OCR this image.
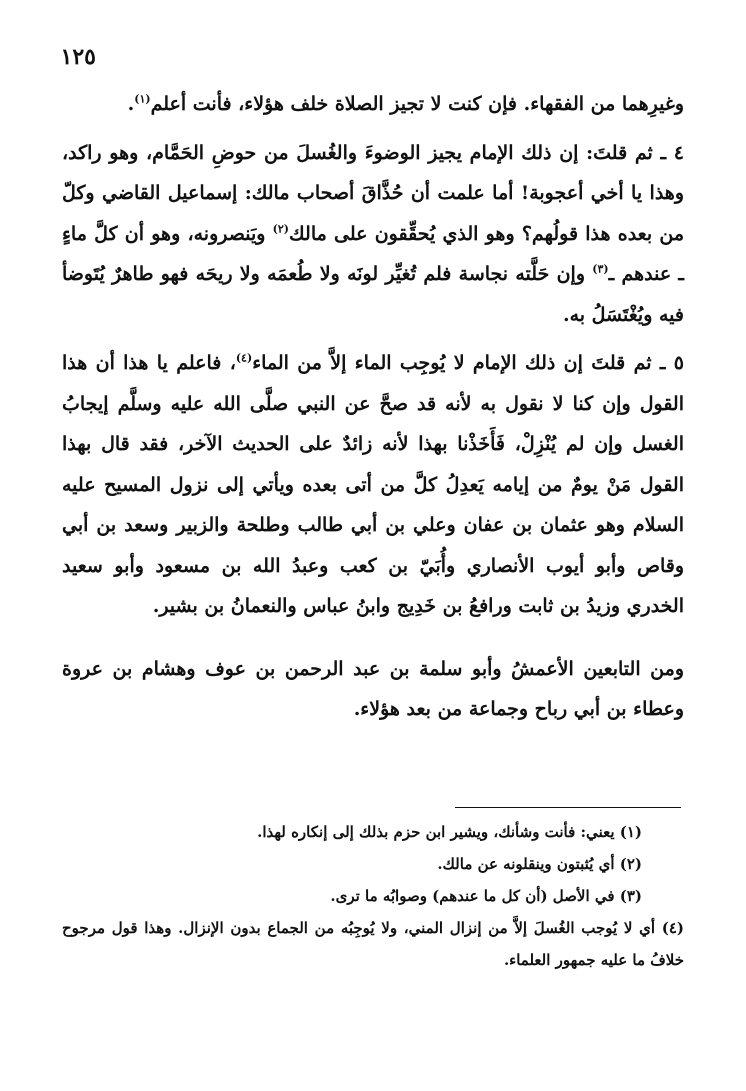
١٢٥

وغيرِهما من الفقهاء. فإن كنت لا تجيز الصلاة خلف هؤلاء، فأنت أعلم$^{(١)}$.

٤ ـ ثم قلتَ: إن ذلك الإمام يجيز الوضوءَ والغُسلَ من حوضِ الحَمَّام، وهو راكد، وهذا يا أخي أعجوبة! أما علمت أن حُذَّاقَ أصحاب مالك: إسماعيل القاضي وكلّ من بعده هذا قولُهم؟ وهو الذي يُحقِّقون على مالك$^{(٢)}$ ويَنصرونه، وهو أن كلَّ ماءٍ ـ عندهم ـ$^{(٣)}$ وإن حَلَّته نجاسة فلم تُغيِّر لونَه ولا طُعمَه ولا ريحَه فهو طاهرٌ يُتَوضأ فيه ويُغْتَسَلُ به.

٥ ـ ثم قلتَ إن ذلك الإمام لا يُوجِب الماء إلاَّ من الماء$^{(٤)}$، فاعلم يا هذا أن هذا القول وإن كنا لا نقول به لأنه قد صحَّ عن النبي صلَّى الله عليه وسلَّم إيجابُ الغسل وإن لم يُنْزِلْ، فَأَخَذْنا بهذا لأنه زائدٌ على الحديث الآخر، فقد قال بهذا القول مَنْ يومٌ من إيامه يَعدِلُ كلَّ من أتى بعده ويأتي إلى نزول المسيح عليه السلام وهو عثمان بن عفان وعلي بن أبي طالب وطلحة والزبير وسعد بن أبي وقاص وأبو أيوب الأنصاري وأُبَيّ بن كعب وعبدُ الله بن مسعود وأبو سعيد الخدري وزيدُ بن ثابت ورافعُ بن خَدِيج وابنُ عباس والنعمانُ بن بشير.

ومن التابعين الأعمشُ وأبو سلمة بن عبد الرحمن بن عوف وهشام بن عروة وعطاء بن أبي رباح وجماعة من بعد هؤلاء.

(١) يعني: فأنت وشأنك، ويشير ابن حزم بذلك إلى إنكاره لهذا.

(٢) أي يُثبتون وينقلونه عن مالك.

(٣) في الأصل (أن كل ما عندهم) وصوابُه ما ترى.

(٤) أي لا يُوجب الغُسلَ إلاَّ من إنزال المني، ولا يُوجِبُه من الجماع بدون الإنزال. وهذا قول مرجوح خلافُ ما عليه جمهور العلماء.
